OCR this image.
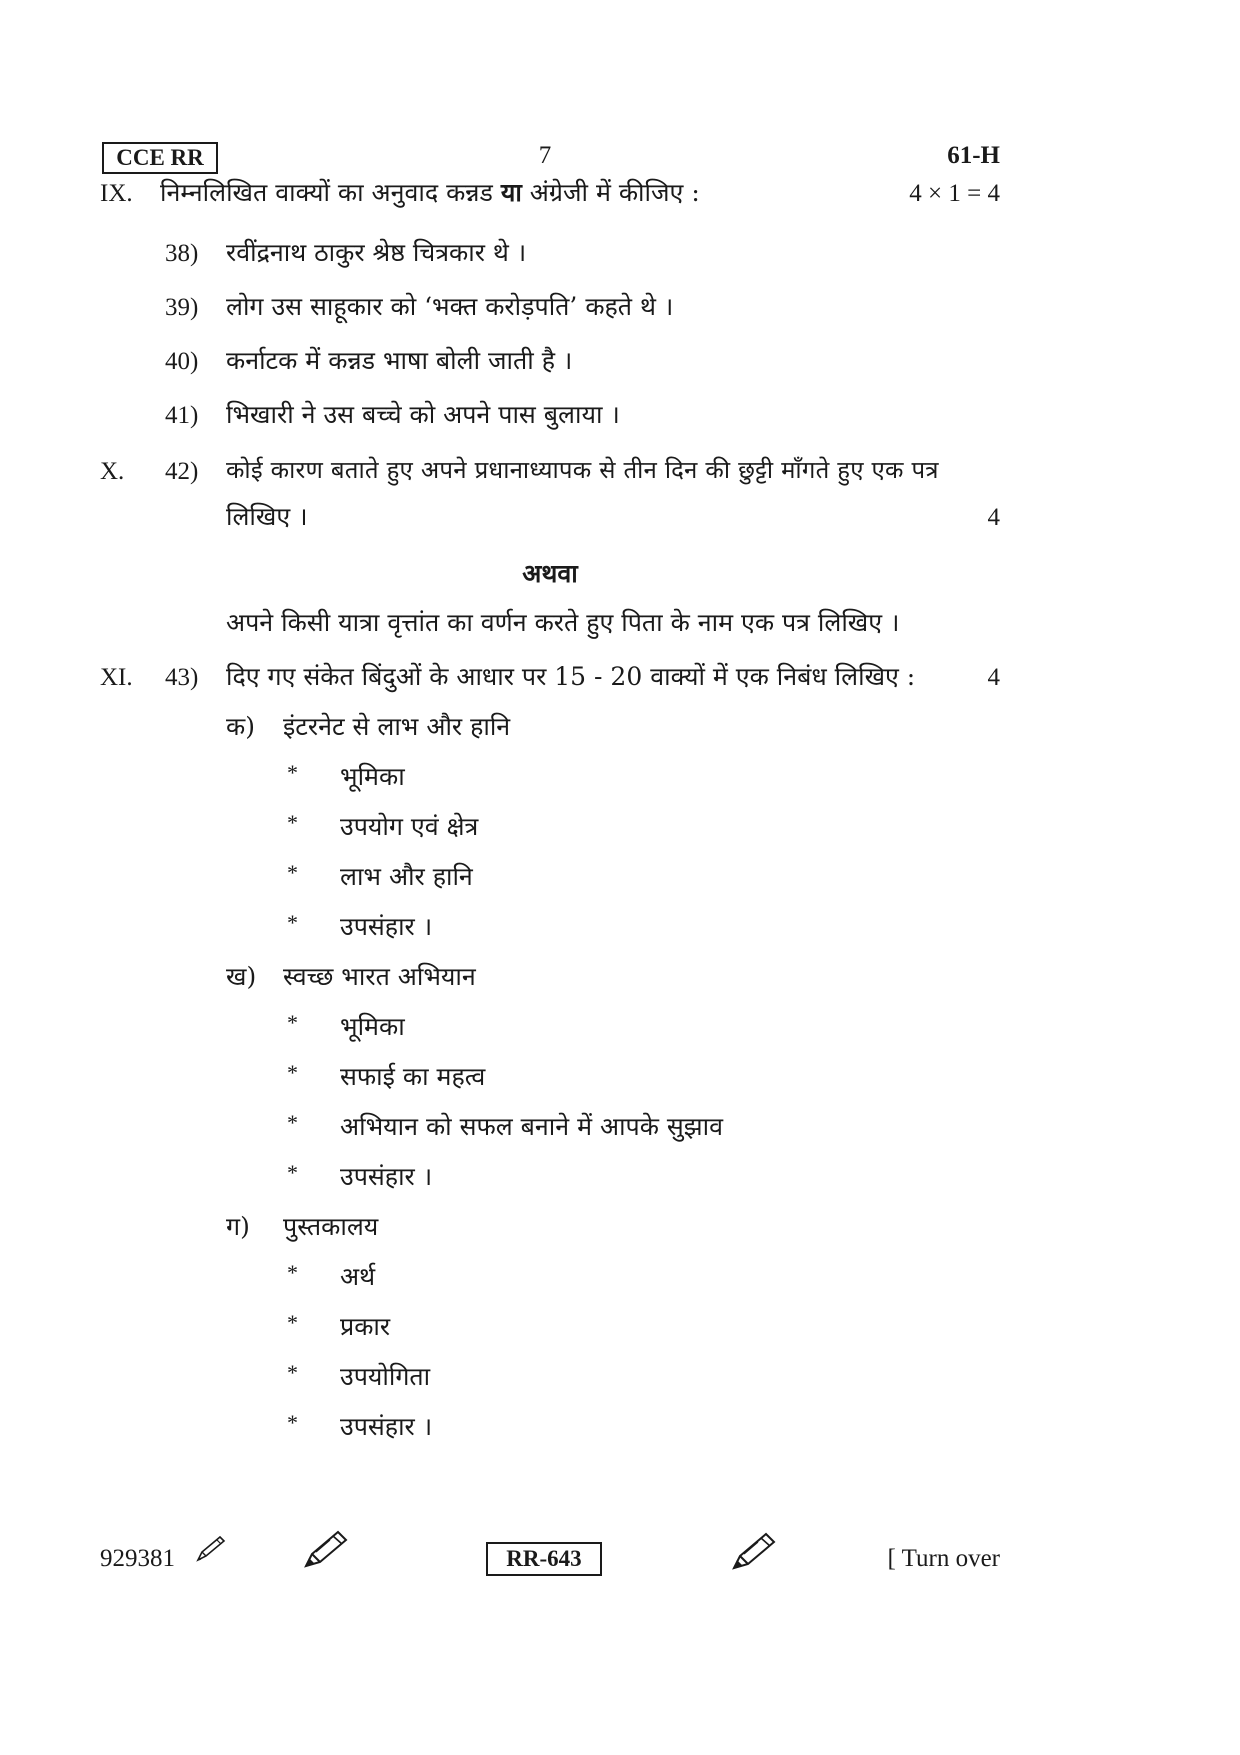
CCE RR	7	61-H
IX. निम्नलिखित वाक्यों का अनुवाद कन्नड या अंग्रेजी में कीजिए :	4 × 1 = 4
38) रवींद्रनाथ ठाकुर श्रेष्ठ चित्रकार थे ।
39) लोग उस साहूकार को ‘भक्त करोड़पति’ कहते थे ।
40) कर्नाटक में कन्नड भाषा बोली जाती है ।
41) भिखारी ने उस बच्चे को अपने पास बुलाया ।
X. 42) कोई कारण बताते हुए अपने प्रधानाध्यापक से तीन दिन की छुट्टी माँगते हुए एक पत्र
लिखिए ।	4
अथवा
अपने किसी यात्रा वृत्तांत का वर्णन करते हुए पिता के नाम एक पत्र लिखिए ।
XI. 43) दिए गए संकेत बिंदुओं के आधार पर 15 - 20 वाक्यों में एक निबंध लिखिए :	4
क) इंटरनेट से लाभ और हानि
* भूमिका
* उपयोग एवं क्षेत्र
* लाभ और हानि
* उपसंहार ।
ख) स्वच्छ भारत अभियान
* भूमिका
* सफाई का महत्व
* अभियान को सफल बनाने में आपके सुझाव
* उपसंहार ।
ग) पुस्तकालय
* अर्थ
* प्रकार
* उपयोगिता
* उपसंहार ।
929381	RR-643	[ Turn over
